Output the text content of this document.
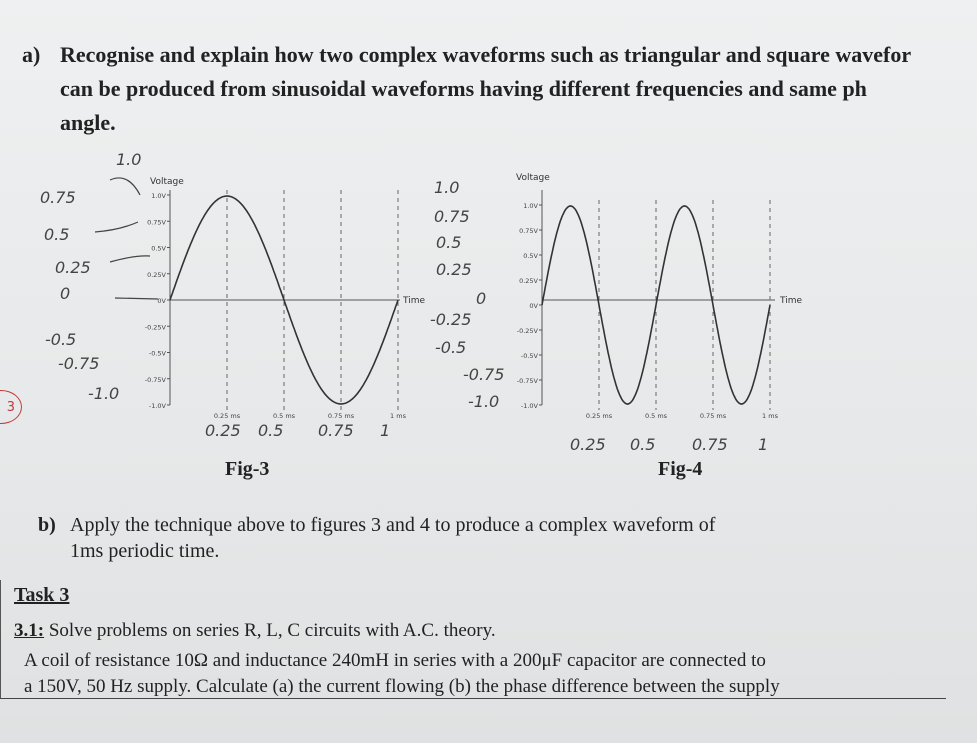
a) Recognise and explain how two complex waveforms such as triangular and square wavefor
can be produced from sinusoidal waveforms having different frequencies and same ph
angle.
3
Voltage
Time
1.0V
0.75V
0.5V
0.25V
0V
-0.25V
-0.5V
-0.75V
-1.0V
0.25 ms	0.5 ms	0.75 ms	1 ms
1.0
0.75
0.5
0.25
0
-0.5
-0.75
-1.0
0.25 0.5 0.75 1
Voltage
Time
1.0V
0.75V
0.5V
0.25V
0V
-0.25V
-0.5V
-0.75V
-1.0V
0.25 ms	0.5 ms	0.75 ms	1 ms
1.0
0.75
0.5
0.25
0
-0.25
-0.5
-0.75
-1.0
0.25 0.5 0.75 1
Fig-3	Fig-4
b) Apply the technique above to figures 3 and 4 to produce a complex waveform of
1ms periodic time.
Task 3
3.1: Solve problems on series R, L, C circuits with A.C. theory.
A coil of resistance 10Ω and inductance 240mH in series with a 200μF capacitor are connected to
a 150V, 50 Hz supply. Calculate (a) the current flowing (b) the phase difference between the supply
